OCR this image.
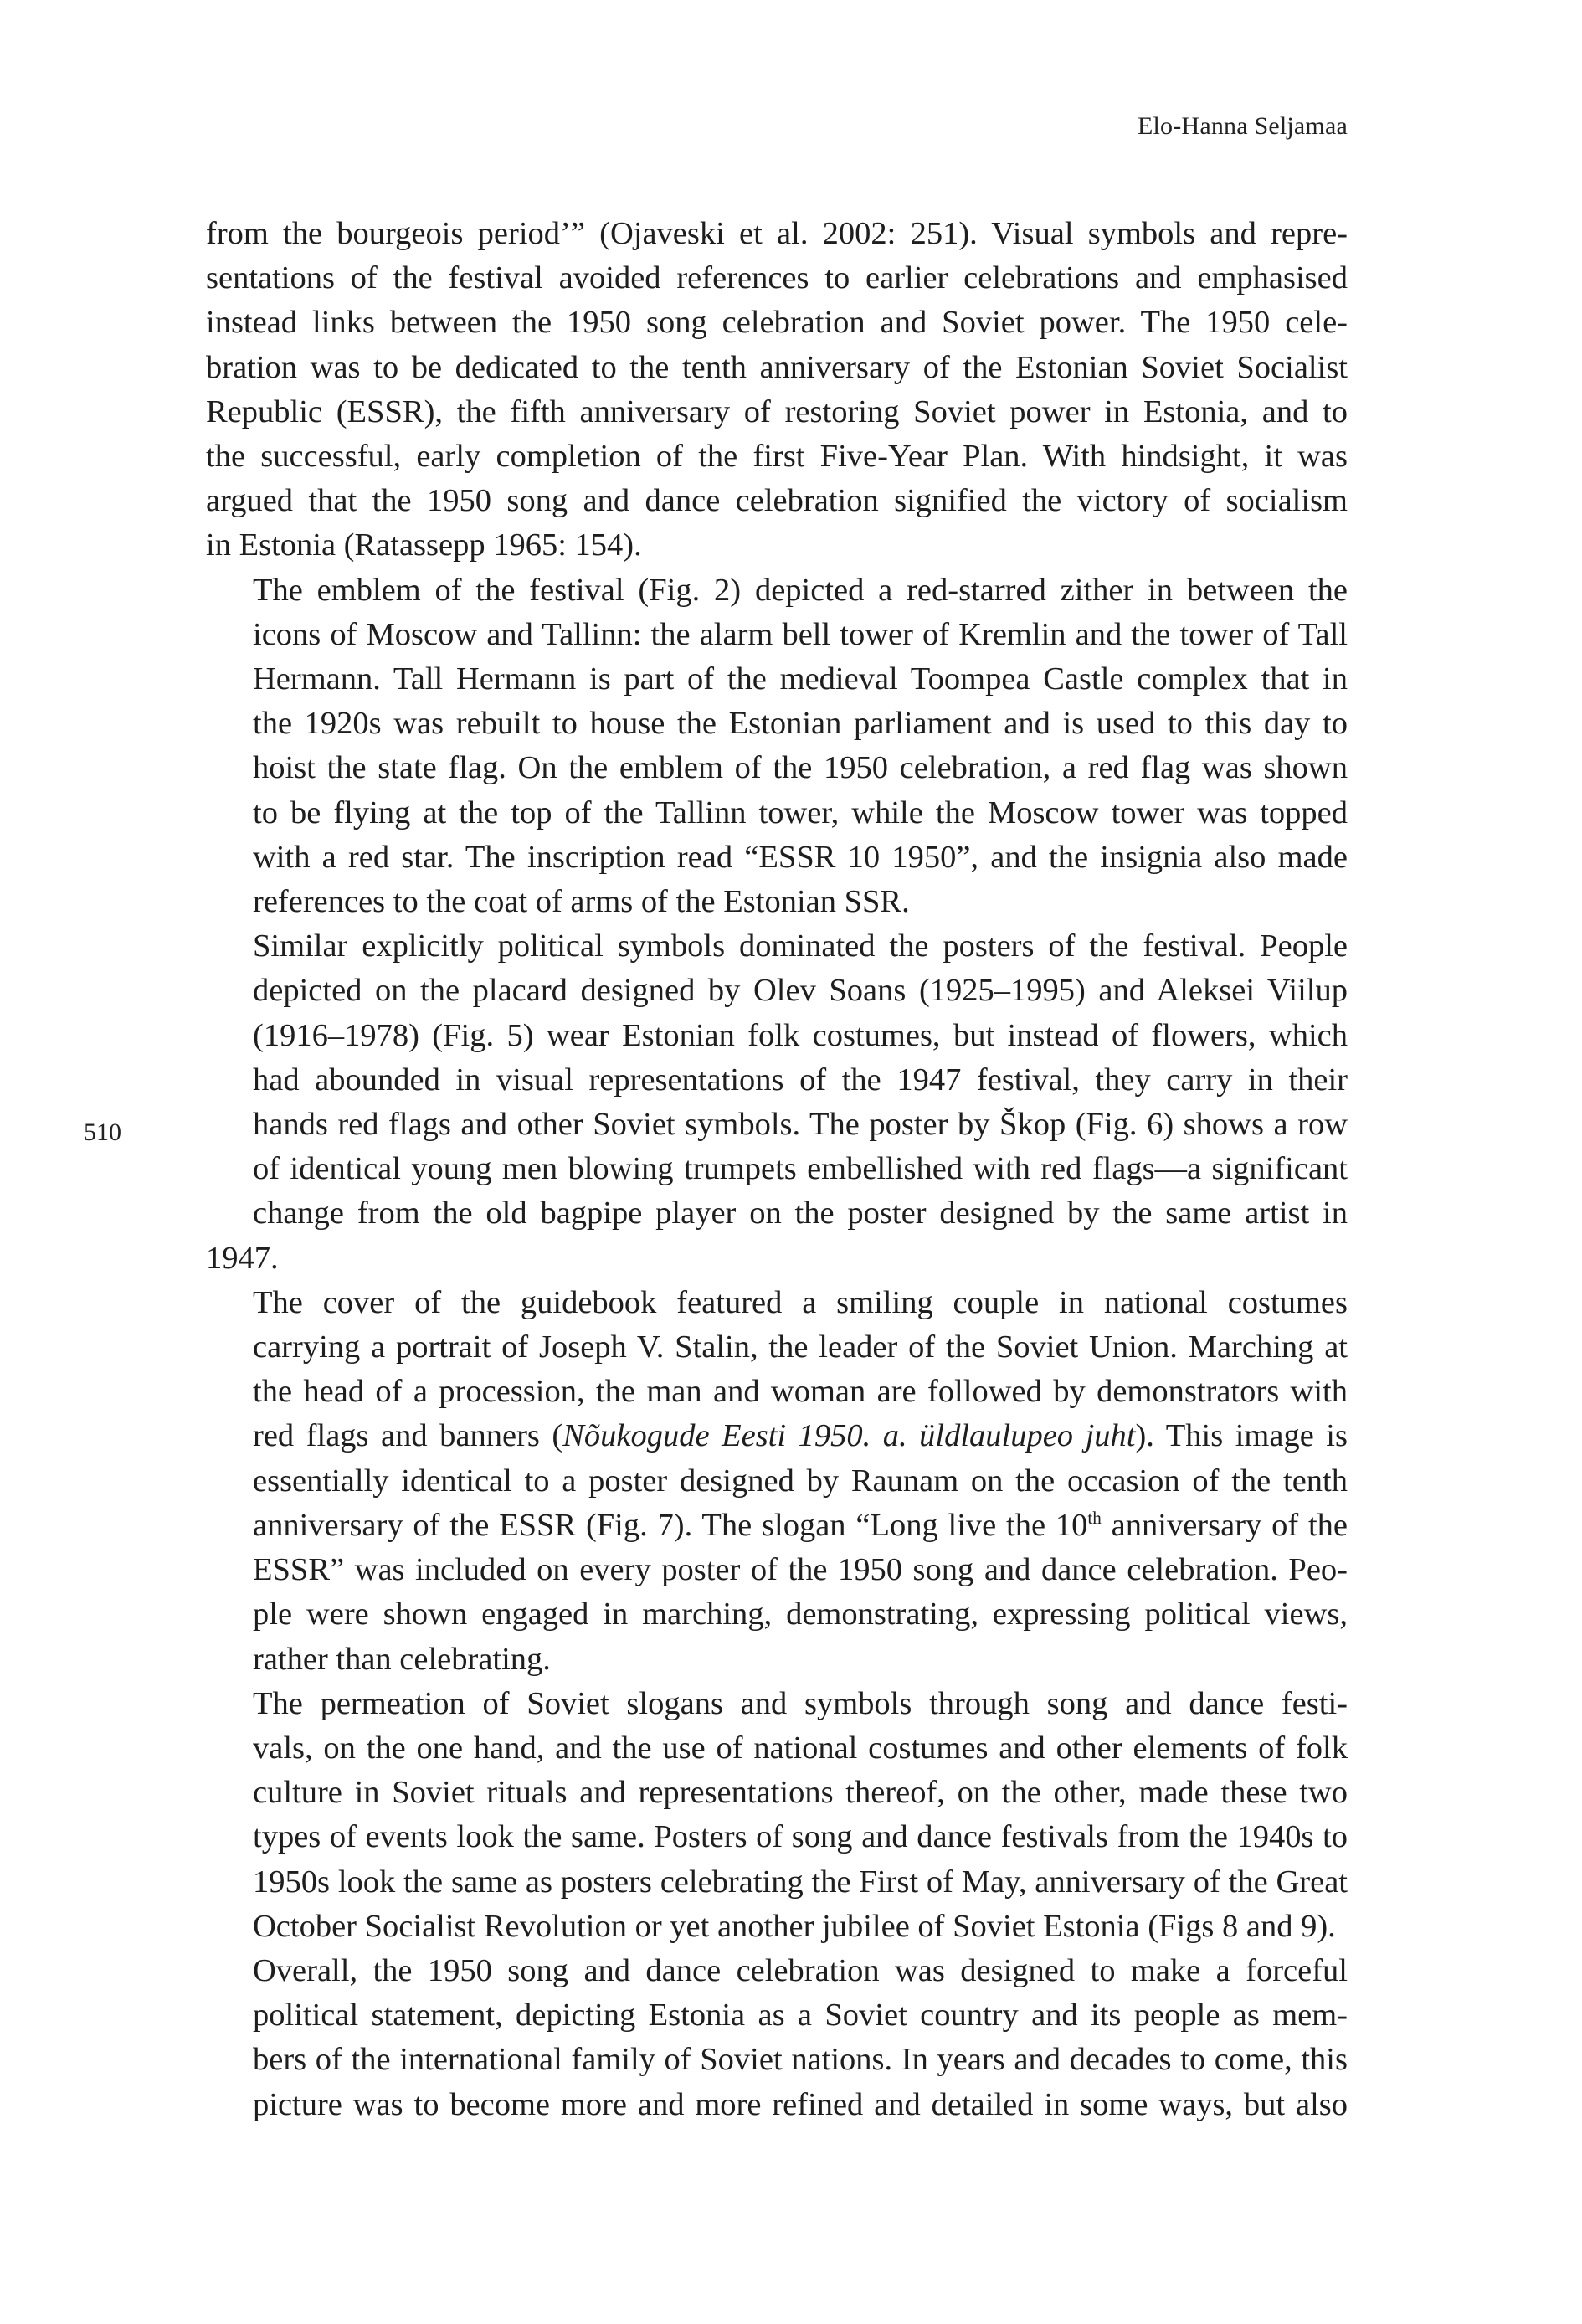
Elo-Hanna Seljamaa
510

from the bourgeois period’” (Ojaveski et al. 2002: 251). Visual symbols and repre-
sentations of the festival avoided references to earlier celebrations and emphasised
instead links between the 1950 song celebration and Soviet power. The 1950 cele-
bration was to be dedicated to the tenth anniversary of the Estonian Soviet Socialist
Republic (ESSR), the fifth anniversary of restoring Soviet power in Estonia, and to
the successful, early completion of the first Five-Year Plan. With hindsight, it was
argued that the 1950 song and dance celebration signified the victory of socialism
in Estonia (Ratassepp 1965: 154).

The emblem of the festival (Fig. 2) depicted a red-starred zither in between the
icons of Moscow and Tallinn: the alarm bell tower of Kremlin and the tower of Tall
Hermann. Tall Hermann is part of the medieval Toompea Castle complex that in
the 1920s was rebuilt to house the Estonian parliament and is used to this day to
hoist the state flag. On the emblem of the 1950 celebration, a red flag was shown
to be flying at the top of the Tallinn tower, while the Moscow tower was topped
with a red star. The inscription read “ESSR 10 1950”, and the insignia also made
references to the coat of arms of the Estonian SSR.

Similar explicitly political symbols dominated the posters of the festival. People
depicted on the placard designed by Olev Soans (1925–1995) and Aleksei Viilup
(1916–1978) (Fig. 5) wear Estonian folk costumes, but instead of flowers, which
had abounded in visual representations of the 1947 festival, they carry in their
hands red flags and other Soviet symbols. The poster by Škop (Fig. 6) shows a row
of identical young men blowing trumpets embellished with red flags—a significant
change from the old bagpipe player on the poster designed by the same artist in 1947.

The cover of the guidebook featured a smiling couple in national costumes
carrying a portrait of Joseph V. Stalin, the leader of the Soviet Union. Marching at
the head of a procession, the man and woman are followed by demonstrators with
red flags and banners (Nõukogude Eesti 1950. a. üldlaulupeo juht). This image is
essentially identical to a poster designed by Raunam on the occasion of the tenth
anniversary of the ESSR (Fig. 7). The slogan “Long live the 10th anniversary of the
ESSR” was included on every poster of the 1950 song and dance celebration. Peo-
ple were shown engaged in marching, demonstrating, expressing political views,
rather than celebrating.

The permeation of Soviet slogans and symbols through song and dance festi-
vals, on the one hand, and the use of national costumes and other elements of folk
culture in Soviet rituals and representations thereof, on the other, made these two
types of events look the same. Posters of song and dance festivals from the 1940s to
1950s look the same as posters celebrating the First of May, anniversary of the Great
October Socialist Revolution or yet another jubilee of Soviet Estonia (Figs 8 and 9).

Overall, the 1950 song and dance celebration was designed to make a forceful
political statement, depicting Estonia as a Soviet country and its people as mem-
bers of the international family of Soviet nations. In years and decades to come, this
picture was to become more and more refined and detailed in some ways, but also
